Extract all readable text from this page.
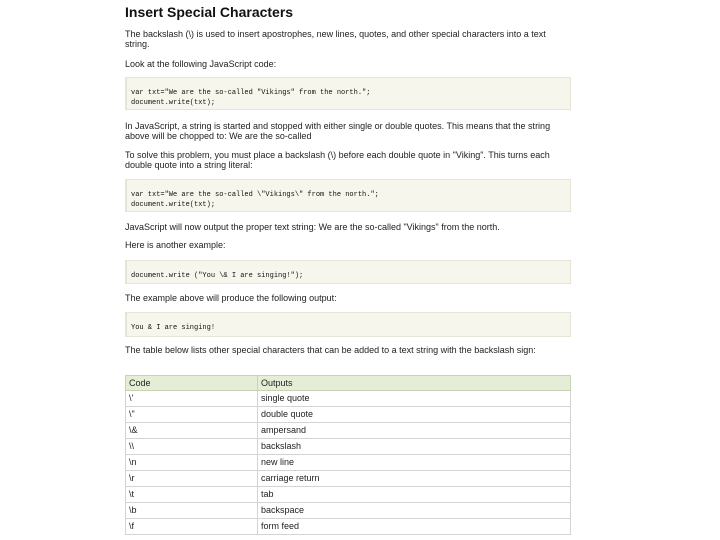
Insert Special Characters

The backslash (\) is used to insert apostrophes, new lines, quotes, and other special characters into a text string.

Look at the following JavaScript code:

var txt="We are the so-called "Vikings" from the north.";
document.write(txt);

In JavaScript, a string is started and stopped with either single or double quotes. This means that the string above will be chopped to: We are the so-called

To solve this problem, you must place a backslash (\) before each double quote in "Viking". This turns each double quote into a string literal:

var txt="We are the so-called \"Vikings\" from the north.";
document.write(txt);

JavaScript will now output the proper text string: We are the so-called "Vikings" from the north.

Here is another example:

document.write ("You \& I are singing!");

The example above will produce the following output:

You & I are singing!

The table below lists other special characters that can be added to a text string with the backslash sign:

Code	Outputs
\'	single quote
\"	double quote
\&	ampersand
\\	backslash
\n	new line
\r	carriage return
\t	tab
\b	backspace
\f	form feed
